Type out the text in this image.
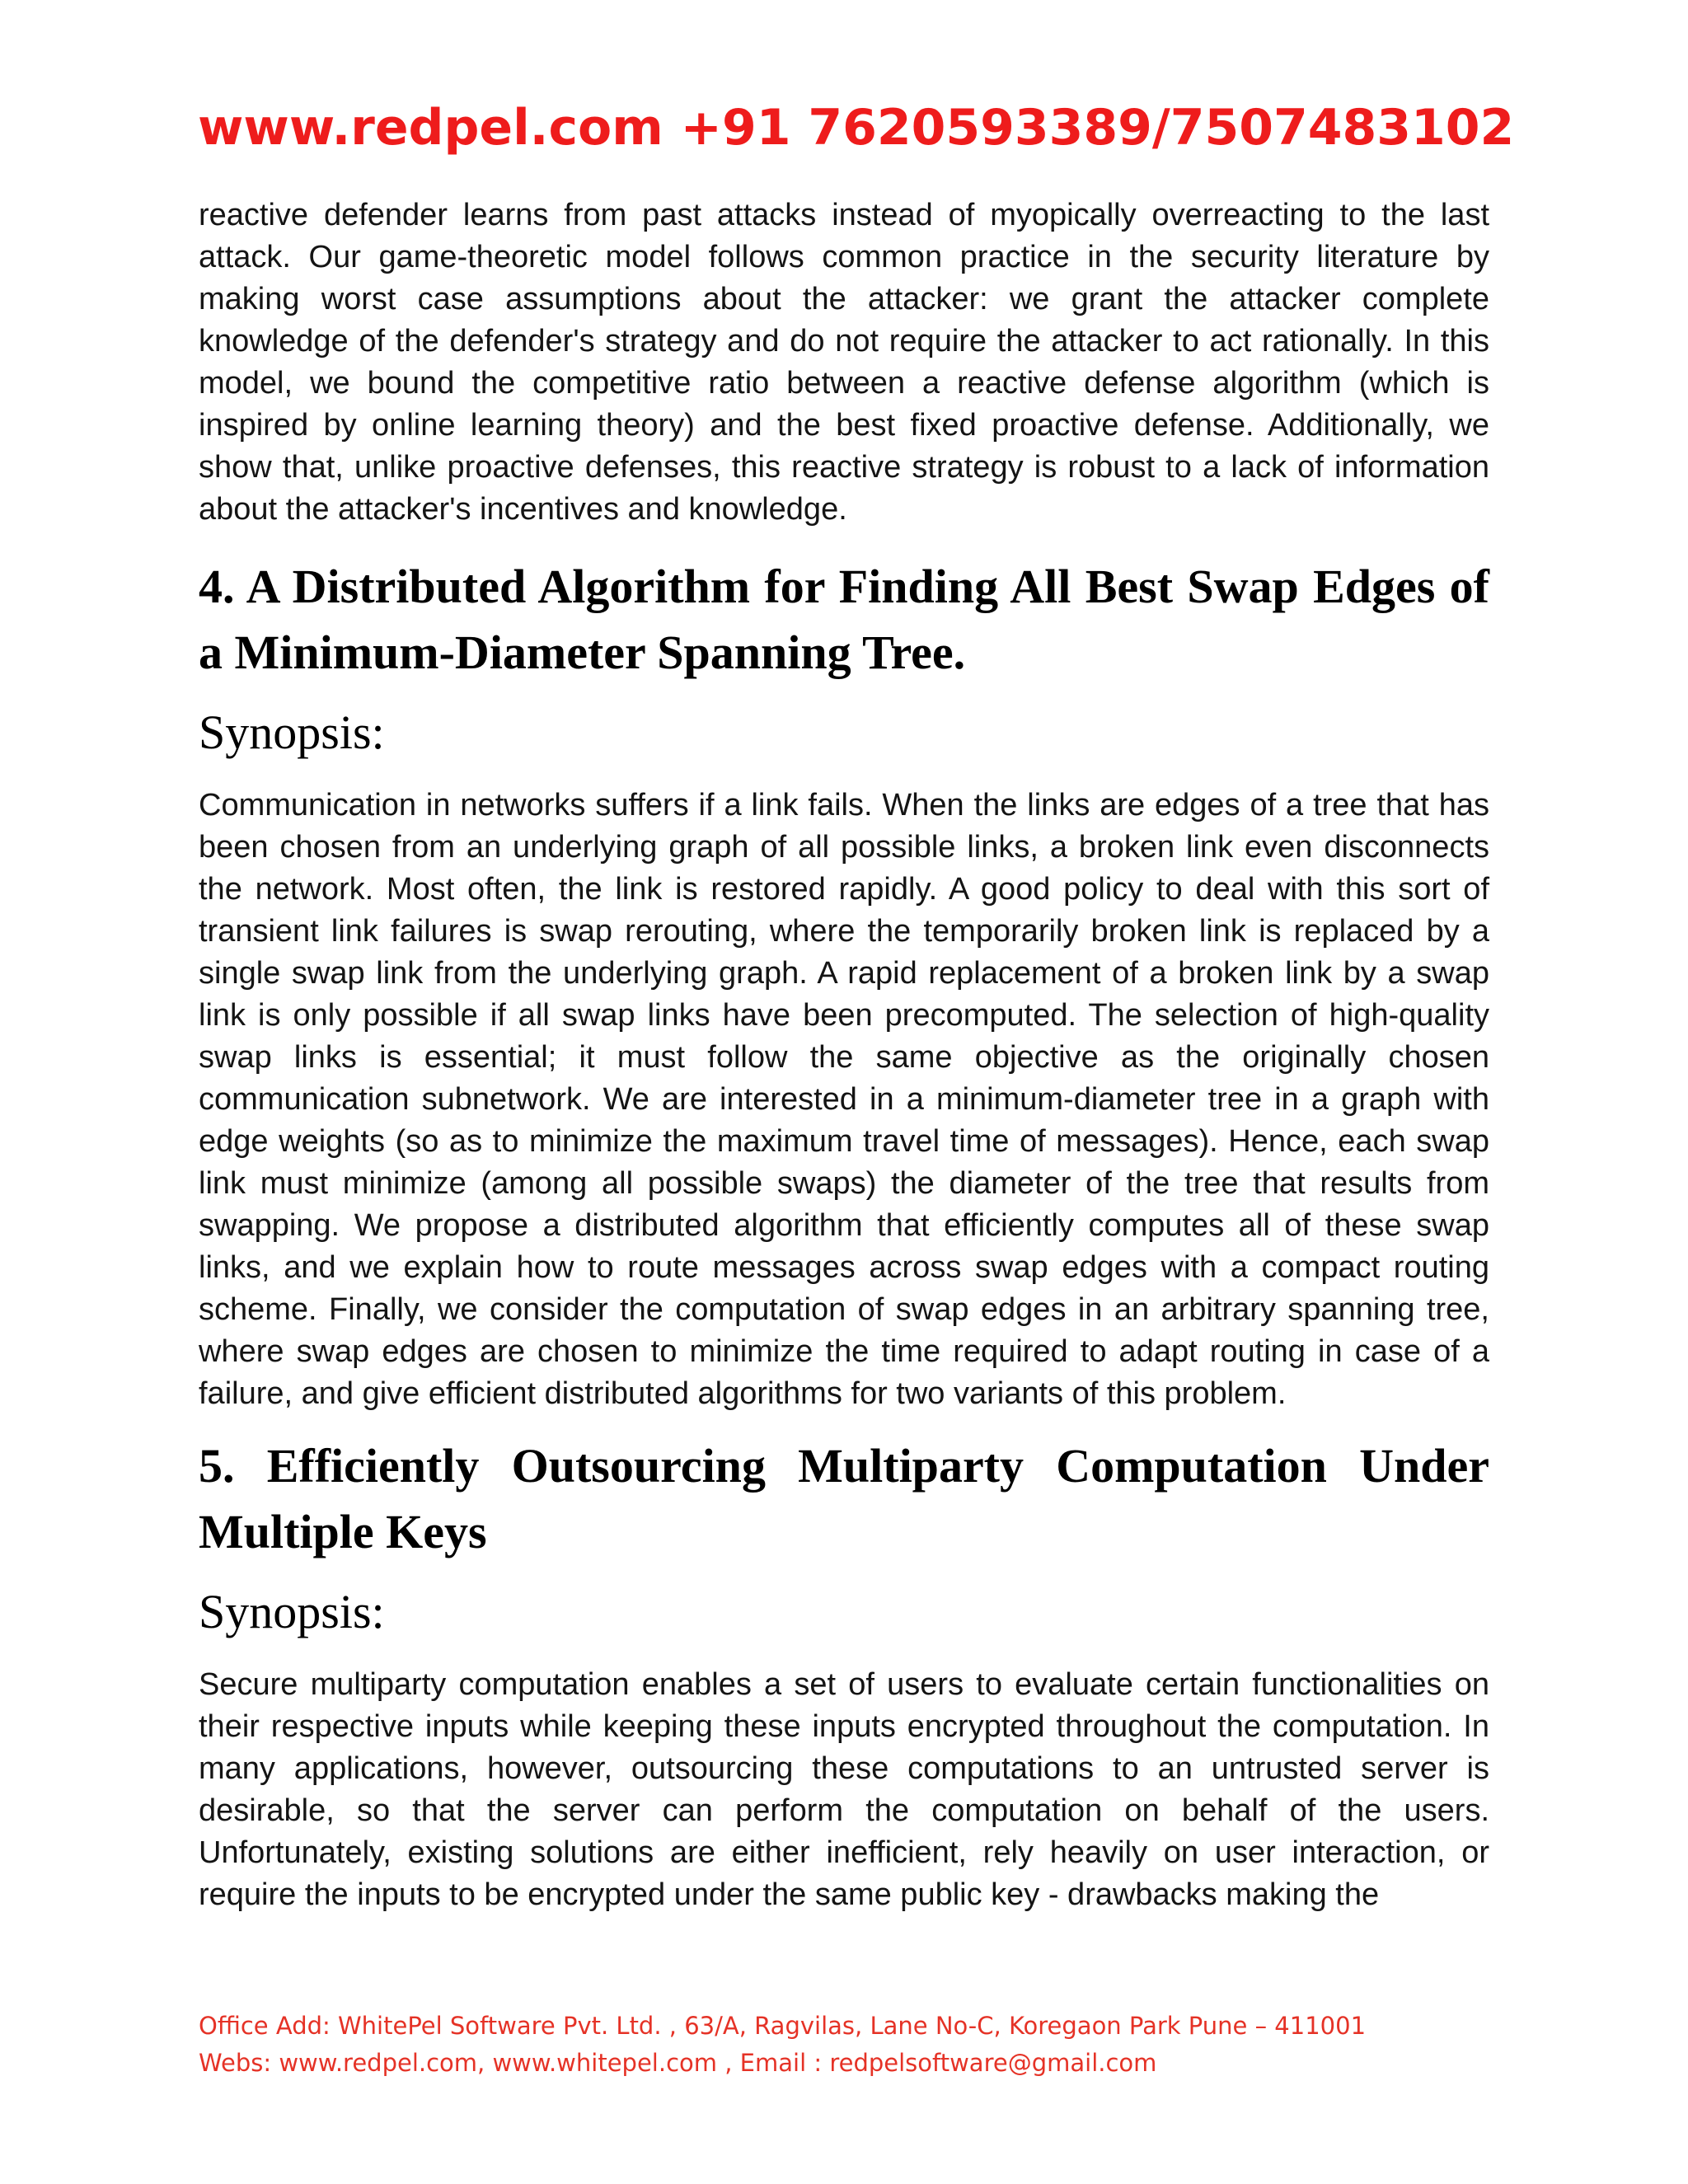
www.redpel.com +91 7620593389/7507483102

reactive defender learns from past attacks instead of myopically overreacting to the last attack. Our game-theoretic model follows common practice in the security literature by making worst case assumptions about the attacker: we grant the attacker complete knowledge of the defender's strategy and do not require the attacker to act rationally. In this model, we bound the competitive ratio between a reactive defense algorithm (which is inspired by online learning theory) and the best fixed proactive defense. Additionally, we show that, unlike proactive defenses, this reactive strategy is robust to a lack of information about the attacker's incentives and knowledge.

4. A Distributed Algorithm for Finding All Best Swap Edges of a Minimum-Diameter Spanning Tree.
Synopsis:

Communication in networks suffers if a link fails. When the links are edges of a tree that has been chosen from an underlying graph of all possible links, a broken link even disconnects the network. Most often, the link is restored rapidly. A good policy to deal with this sort of transient link failures is swap rerouting, where the temporarily broken link is replaced by a single swap link from the underlying graph. A rapid replacement of a broken link by a swap link is only possible if all swap links have been precomputed. The selection of high-quality swap links is essential; it must follow the same objective as the originally chosen communication subnetwork. We are interested in a minimum-diameter tree in a graph with edge weights (so as to minimize the maximum travel time of messages). Hence, each swap link must minimize (among all possible swaps) the diameter of the tree that results from swapping. We propose a distributed algorithm that efficiently computes all of these swap links, and we explain how to route messages across swap edges with a compact routing scheme. Finally, we consider the computation of swap edges in an arbitrary spanning tree, where swap edges are chosen to minimize the time required to adapt routing in case of a failure, and give efficient distributed algorithms for two variants of this problem.

5. Efficiently Outsourcing Multiparty Computation Under Multiple Keys
Synopsis:

Secure multiparty computation enables a set of users to evaluate certain functionalities on their respective inputs while keeping these inputs encrypted throughout the computation. In many applications, however, outsourcing these computations to an untrusted server is desirable, so that the server can perform the computation on behalf of the users. Unfortunately, existing solutions are either inefficient, rely heavily on user interaction, or require the inputs to be encrypted under the same public key - drawbacks making the

Office Add: WhitePel Software Pvt. Ltd. , 63/A, Ragvilas, Lane No-C, Koregaon Park Pune – 411001
Webs: www.redpel.com, www.whitepel.com , Email : redpelsoftware@gmail.com
